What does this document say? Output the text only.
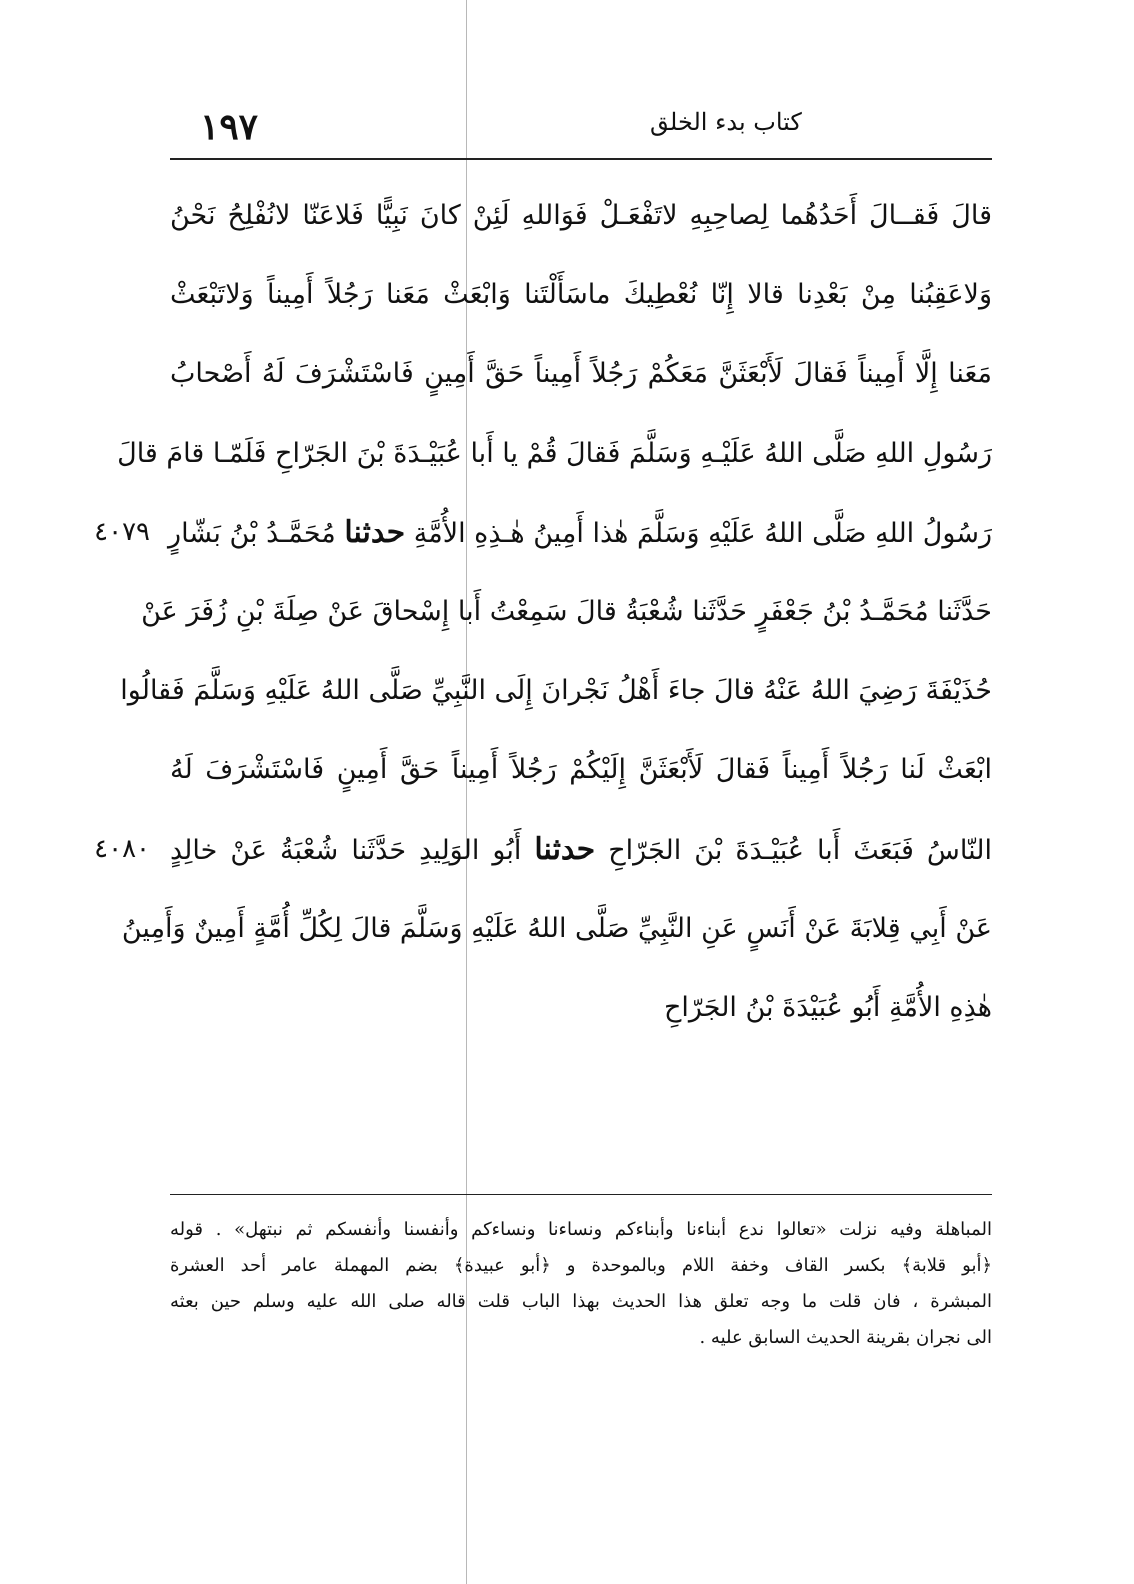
١٩٧	كتاب بدء الخلق
قالَ فَقــالَ أَحَدُهُما لِصاحِبِهِ لاتَفْعَـلْ فَوَاللهِ لَئِنْ كانَ نَبِيًّا فَلاعَنّا لانُفْلِحُ نَحْنُ
وَلاعَقِبُنا مِنْ بَعْدِنا قالا إِنّا نُعْطِيكَ ماسَأَلْتَنا وَابْعَثْ مَعَنا رَجُلاً أَمِيناً وَلاتَبْعَثْ
مَعَنا إِلَّا أَمِيناً فَقالَ لَأَبْعَثَنَّ مَعَكُمْ رَجُلاً أَمِيناً حَقَّ أَمِينٍ فَاسْتَشْرَفَ لَهُ أَصْحابُ
رَسُولِ اللهِ صَلَّى اللهُ عَلَيْـهِ وَسَلَّمَ فَقالَ قُمْ يا أَبا عُبَيْـدَةَ بْنَ الجَرّاحِ فَلَمّـا قامَ قالَ
رَسُولُ اللهِ صَلَّى اللهُ عَلَيْهِ وَسَلَّمَ هٰذا أَمِينُ هٰـذِهِ الأُمَّةِ حدثنا مُحَمَّـدُ بْنُ بَشّارٍ
٤٠٧٩
حَدَّثَنا مُحَمَّـدُ بْنُ جَعْفَرٍ حَدَّثَنا شُعْبَةُ قالَ سَمِعْتُ أَبا إِسْحاقَ عَنْ صِلَةَ بْنِ زُفَرَ عَنْ
حُذَيْفَةَ رَضِيَ اللهُ عَنْهُ قالَ جاءَ أَهْلُ نَجْرانَ إِلَى النَّبِيِّ صَلَّى اللهُ عَلَيْهِ وَسَلَّمَ فَقالُوا
ابْعَثْ لَنا رَجُلاً أَمِيناً فَقالَ لَأَبْعَثَنَّ إِلَيْكُمْ رَجُلاً أَمِيناً حَقَّ أَمِينٍ فَاسْتَشْرَفَ لَهُ
النّاسُ فَبَعَثَ أَبا عُبَيْـدَةَ بْنَ الجَرّاحِ حدثنا أَبُو الوَلِيدِ حَدَّثَنا شُعْبَةُ عَنْ خالِدٍ
٤٠٨٠
عَنْ أَبِي قِلابَةَ عَنْ أَنَسٍ عَنِ النَّبِيِّ صَلَّى اللهُ عَلَيْهِ وَسَلَّمَ قالَ لِكُلِّ أُمَّةٍ أَمِينٌ وَأَمِينُ
هٰذِهِ الأُمَّةِ أَبُو عُبَيْدَةَ بْنُ الجَرّاحِ
المباهلة وفيه نزلت «تعالوا ندع أبناءنا وأبناءكم ونساءنا ونساءكم وأنفسنا وأنفسكم ثم نبتهل» . قوله
﴿أبو قلابة﴾ بكسر القاف وخفة اللام وبالموحدة و ﴿أبو عبيدة﴾ بضم المهملة عامر أحد العشرة
المبشرة ، فان قلت ما وجه تعلق هذا الحديث بهذا الباب قلت قاله صلى الله عليه وسلم حين بعثه
الى نجران بقرينة الحديث السابق عليه .
